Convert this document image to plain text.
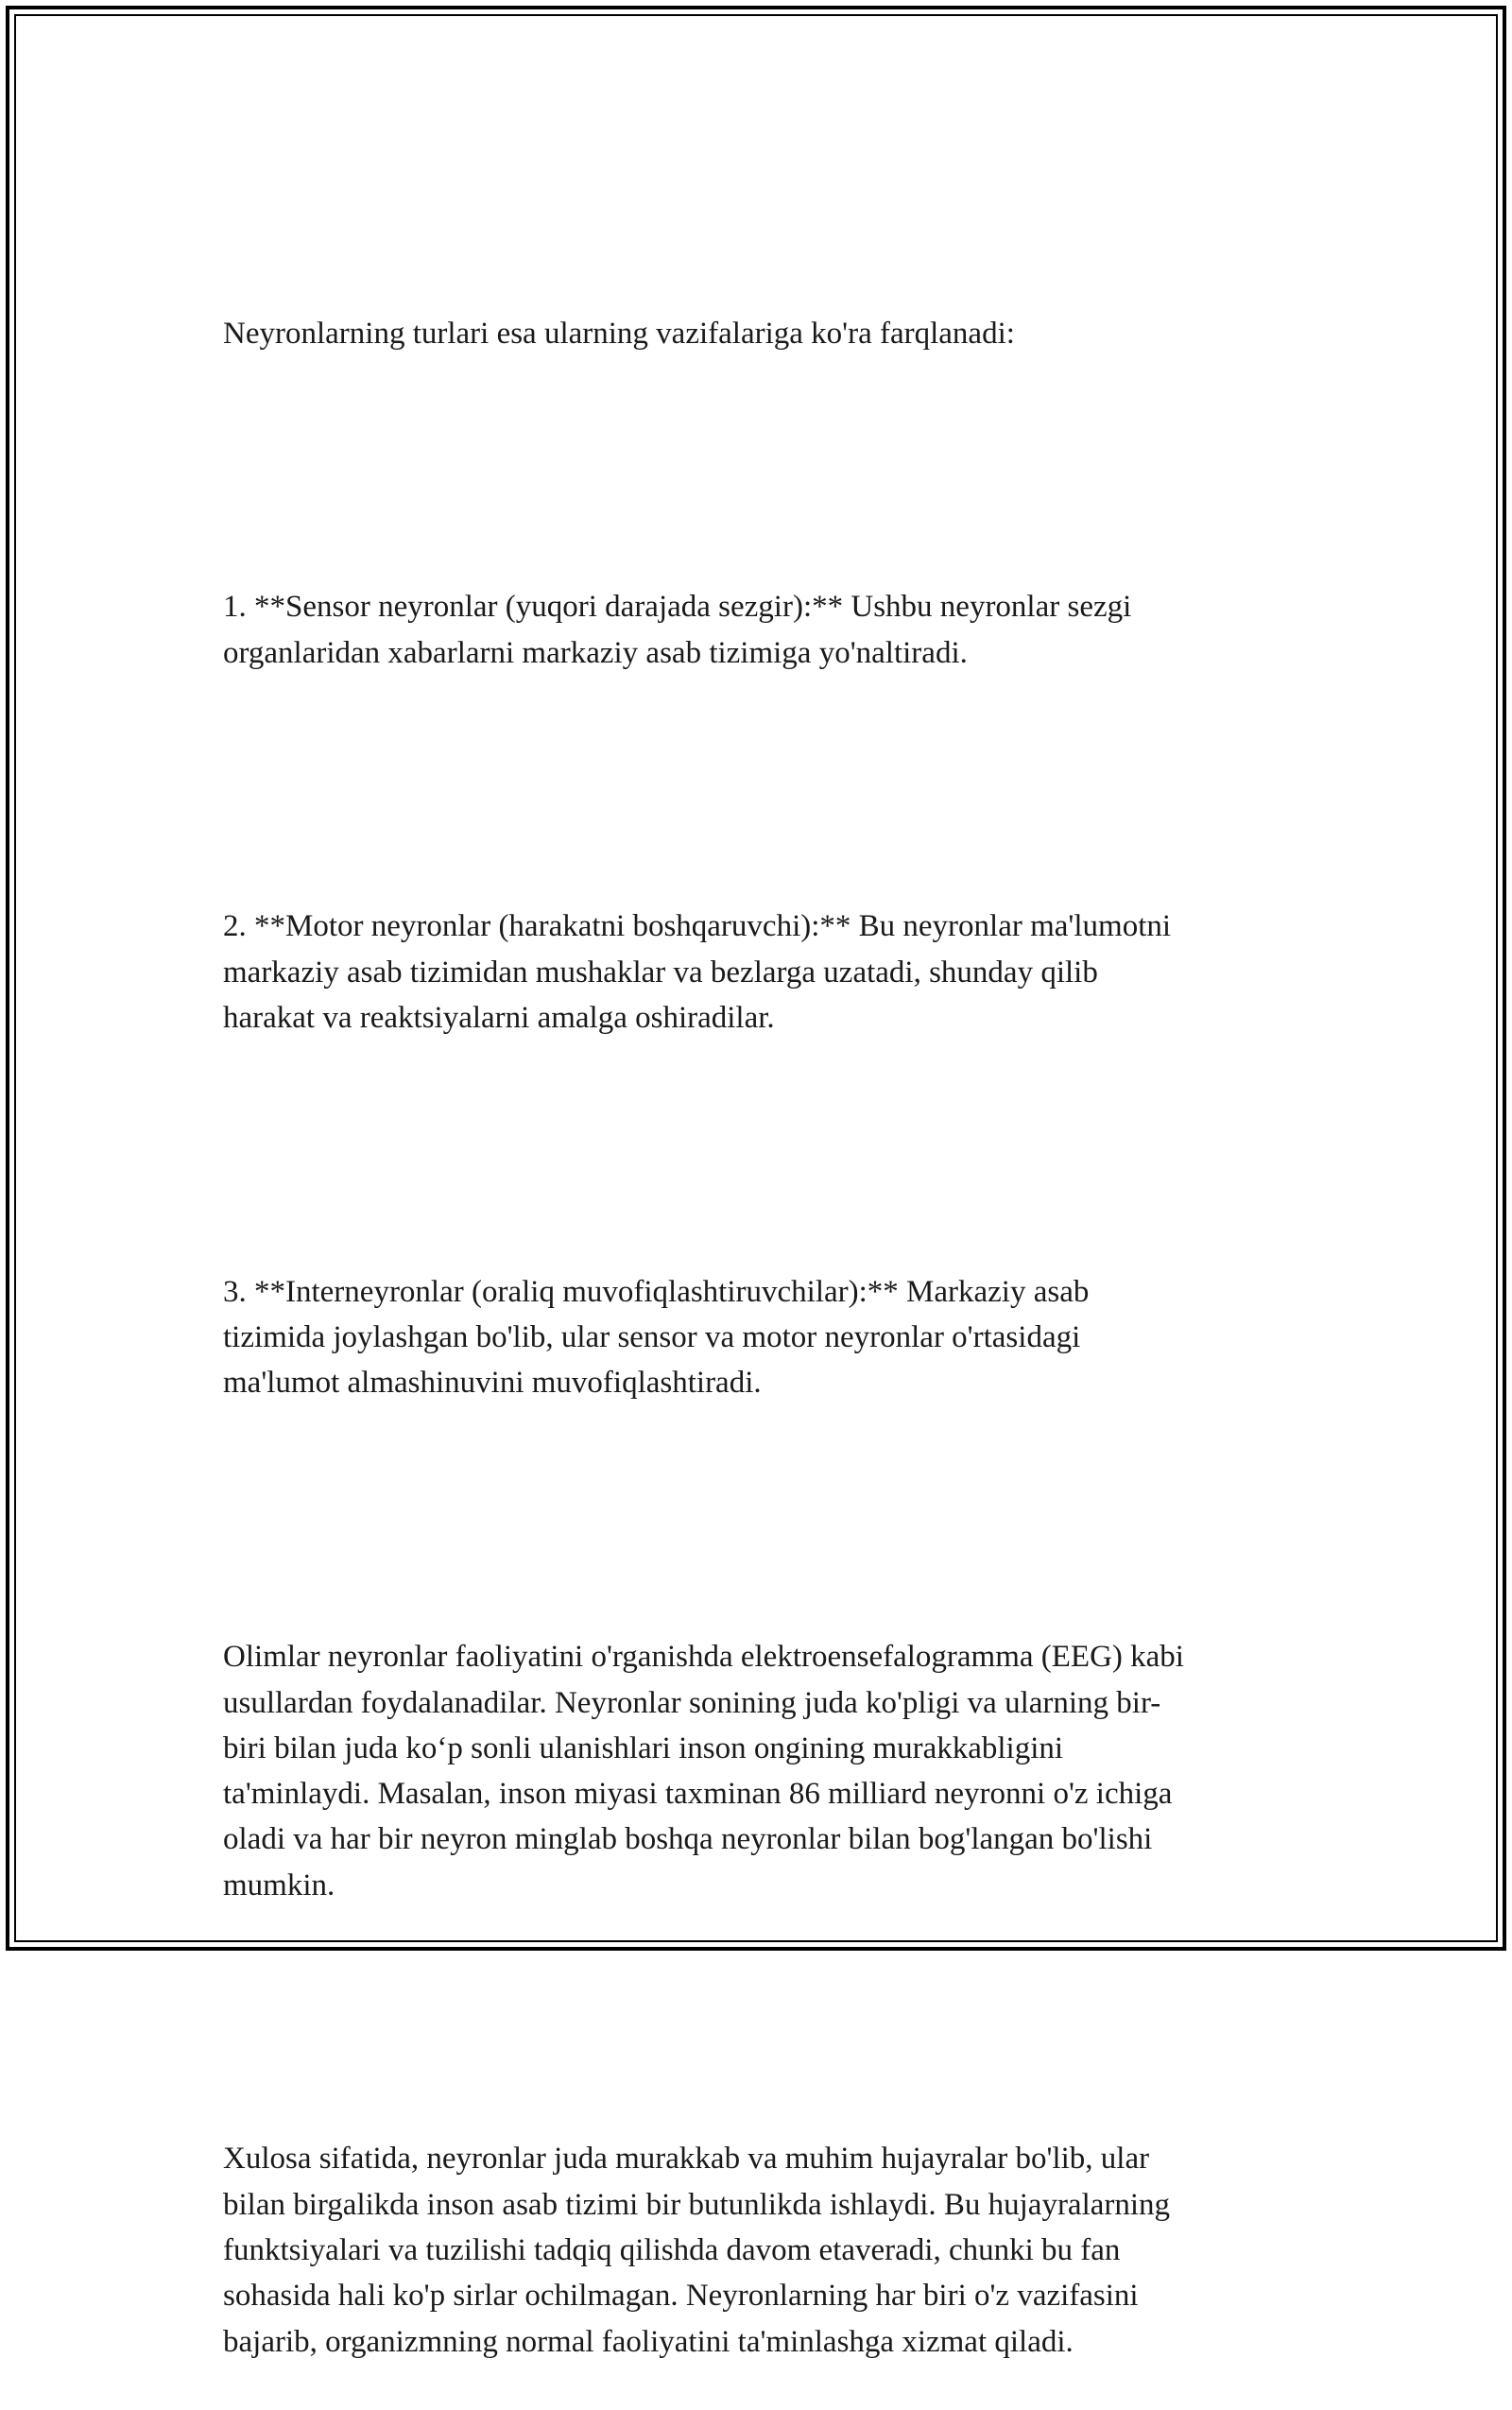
Neyronlarning turlari esa ularning vazifalariga ko'ra farqlanadi:

1. **Sensor neyronlar (yuqori darajada sezgir):** Ushbu neyronlar sezgi
organlaridan xabarlarni markaziy asab tizimiga yo'naltiradi.

2. **Motor neyronlar (harakatni boshqaruvchi):** Bu neyronlar ma'lumotni
markaziy asab tizimidan mushaklar va bezlarga uzatadi, shunday qilib
harakat va reaktsiyalarni amalga oshiradilar.

3. **Interneyronlar (oraliq muvofiqlashtiruvchilar):** Markaziy asab
tizimida joylashgan bo'lib, ular sensor va motor neyronlar o'rtasidagi
ma'lumot almashinuvini muvofiqlashtiradi.

Olimlar neyronlar faoliyatini o'rganishda elektroensefalogramma (EEG) kabi
usullardan foydalanadilar. Neyronlar sonining juda ko'pligi va ularning bir-
biri bilan juda koʻp sonli ulanishlari inson ongining murakkabligini
ta'minlaydi. Masalan, inson miyasi taxminan 86 milliard neyronni o'z ichiga
oladi va har bir neyron minglab boshqa neyronlar bilan bog'langan bo'lishi
mumkin.

Xulosa sifatida, neyronlar juda murakkab va muhim hujayralar bo'lib, ular
bilan birgalikda inson asab tizimi bir butunlikda ishlaydi. Bu hujayralarning
funktsiyalari va tuzilishi tadqiq qilishda davom etaveradi, chunki bu fan
sohasida hali ko'p sirlar ochilmagan. Neyronlarning har biri o'z vazifasini
bajarib, organizmning normal faoliyatini ta'minlashga xizmat qiladi.
